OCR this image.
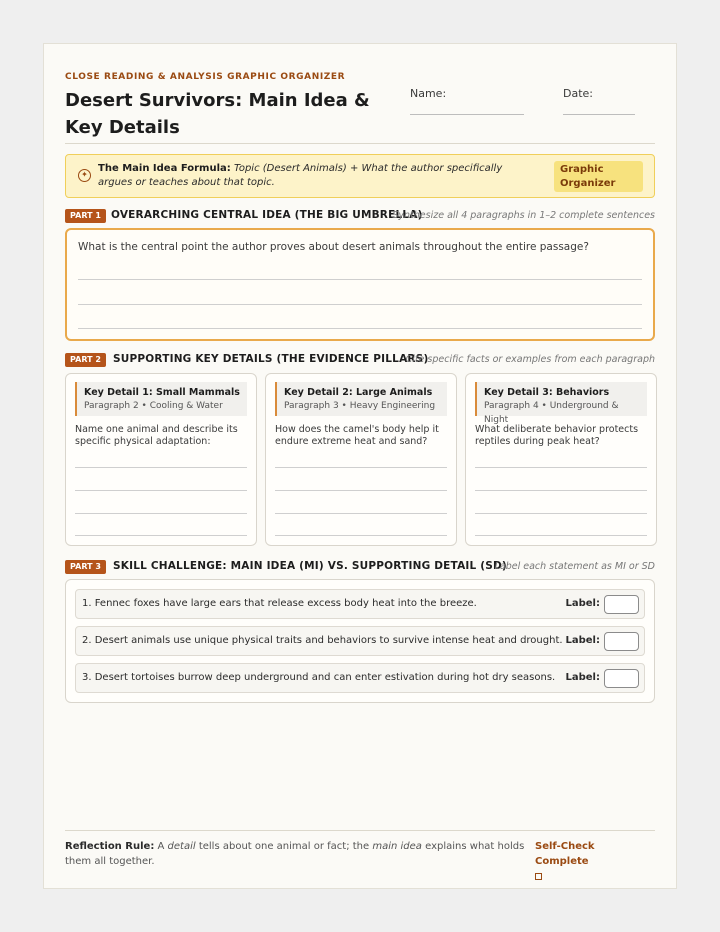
CLOSE READING & ANALYSIS GRAPHIC ORGANIZER
Desert Survivors: Main Idea & Key Details
Name:	Date:
✦
The Main Idea Formula: Topic (Desert Animals) + What the author specifically argues or teaches about that topic.
Graphic Organizer
PART 1 OVERARCHING CENTRAL IDEA (THE BIG UMBRELLA)
Synthesize all 4 paragraphs in 1–2 complete sentences
What is the central point the author proves about desert animals throughout the entire passage?
PART 2	SUPPORTING KEY DETAILS (THE EVIDENCE PILLARS)
Cite specific facts or examples from each paragraph
Key Detail 1: Small Mammals
Paragraph 2 • Cooling & Water
Name one animal and describe its specific physical adaptation:
Key Detail 2: Large Animals
Paragraph 3 • Heavy Engineering
How does the camel's body help it endure extreme heat and sand?
Key Detail 3: Behaviors
Paragraph 4 • Underground & Night
What deliberate behavior protects reptiles during peak heat?
PART 3	SKILL CHALLENGE: MAIN IDEA (MI) VS. SUPPORTING DETAIL (SD)
Label each statement as MI or SD
1. Fennec foxes have large ears that release excess body heat into the breeze.	Label:
2. Desert animals use unique physical traits and behaviors to survive intense heat and drought. Label:
3. Desert tortoises burrow deep underground and can enter estivation during hot dry seasons. Label:
Reflection Rule: A detail tells about one animal or fact; the main idea explains what holds them all together.
Self-Check Complete
